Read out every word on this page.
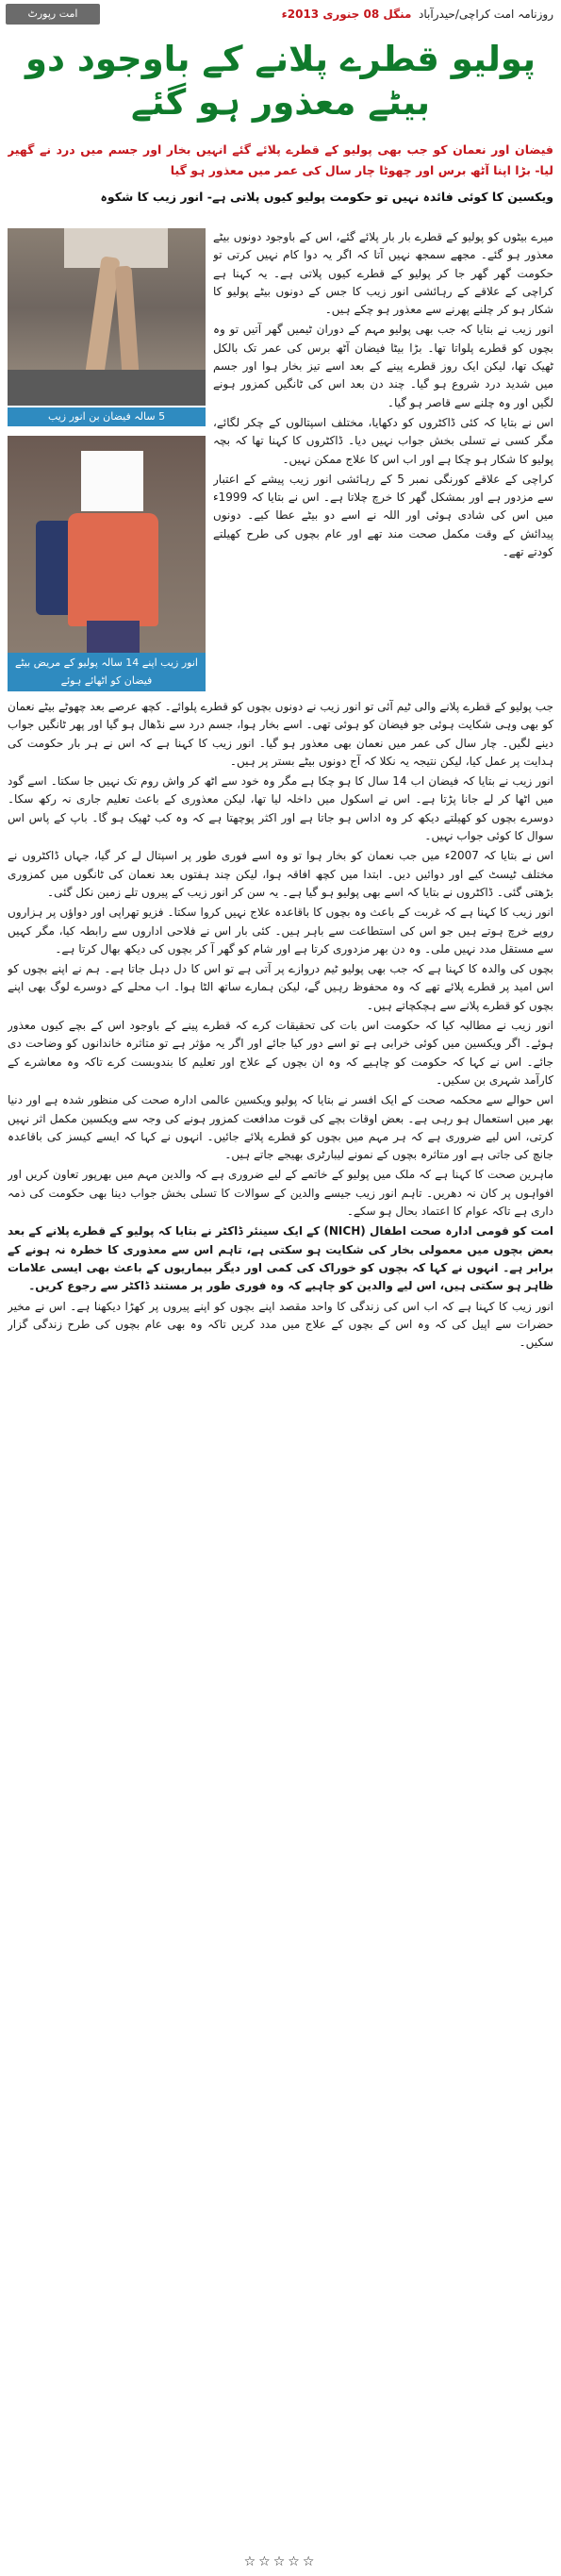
امت رپورٹ	روزنامہ امت کراچی/حیدرآباد  منگل 08 جنوری 2013ء
پولیو قطرے پلانے کے باوجود دو بیٹے معذور ہو گئے
فیضان اور نعمان کو جب بھی پولیو کے قطرے پلائے گئے انہیں بخار اور جسم میں درد نے گھیر لیا- بڑا اپنا آٹھ برس اور چھوٹا چار سال کی عمر میں معذور ہو گیا
ویکسین کا کوئی فائدہ نہیں تو حکومت پولیو کیوں پلاتی ہے- انور زیب کا شکوہ
5 سالہ فیضان بن انور زیب
انور زیب اپنے 14 سالہ پولیو کے مریض بیٹے فیضان کو اٹھائے ہوئے

میرے بیٹوں کو پولیو کے قطرے بار بار پلائے گئے، اس کے باوجود دونوں بیٹے معذور ہو گئے۔ مجھے سمجھ نہیں آتا کہ اگر یہ دوا کام نہیں کرتی تو حکومت گھر گھر جا کر پولیو کے قطرے کیوں پلاتی ہے۔ یہ کہنا ہے کراچی کے علاقے کے رہائشی انور زیب کا جس کے دونوں بیٹے پولیو کا شکار ہو کر چلنے پھرنے سے معذور ہو چکے ہیں۔

انور زیب نے بتایا کہ جب بھی پولیو مہم کے دوران ٹیمیں گھر آتیں تو وہ بچوں کو قطرے پلواتا تھا۔ بڑا بیٹا فیضان آٹھ برس کی عمر تک بالکل ٹھیک تھا، لیکن ایک روز قطرے پینے کے بعد اسے تیز بخار ہوا اور جسم میں شدید درد شروع ہو گیا۔ چند دن بعد اس کی ٹانگیں کمزور ہونے لگیں اور وہ چلنے سے قاصر ہو گیا۔

اس نے بتایا کہ کئی ڈاکٹروں کو دکھایا، مختلف اسپتالوں کے چکر لگائے، مگر کسی نے تسلی بخش جواب نہیں دیا۔ ڈاکٹروں کا کہنا تھا کہ بچہ پولیو کا شکار ہو چکا ہے اور اب اس کا علاج ممکن نہیں۔

کراچی کے علاقے کورنگی نمبر 5 کے رہائشی انور زیب پیشے کے اعتبار سے مزدور ہے اور بمشکل گھر کا خرچ چلاتا ہے۔ اس نے بتایا کہ 1999ء میں اس کی شادی ہوئی اور اللہ نے اسے دو بیٹے عطا کیے۔ دونوں پیدائش کے وقت مکمل صحت مند تھے اور عام بچوں کی طرح کھیلتے کودتے تھے۔

جب پولیو کے قطرے پلانے والی ٹیم آئی تو انور زیب نے دونوں بچوں کو قطرے پلوائے۔ کچھ عرصے بعد چھوٹے بیٹے نعمان کو بھی وہی شکایت ہوئی جو فیضان کو ہوئی تھی۔ اسے بخار ہوا، جسم درد سے نڈھال ہو گیا اور پھر ٹانگیں جواب دینے لگیں۔ چار سال کی عمر میں نعمان بھی معذور ہو گیا۔ انور زیب کا کہنا ہے کہ اس نے ہر بار حکومت کی ہدایت پر عمل کیا، لیکن نتیجہ یہ نکلا کہ آج دونوں بیٹے بستر پر ہیں۔

انور زیب نے بتایا کہ فیضان اب 14 سال کا ہو چکا ہے مگر وہ خود سے اٹھ کر واش روم تک نہیں جا سکتا۔ اسے گود میں اٹھا کر لے جانا پڑتا ہے۔ اس نے اسکول میں داخلہ لیا تھا، لیکن معذوری کے باعث تعلیم جاری نہ رکھ سکا۔ دوسرے بچوں کو کھیلتے دیکھ کر وہ اداس ہو جاتا ہے اور اکثر پوچھتا ہے کہ وہ کب ٹھیک ہو گا۔ باپ کے پاس اس سوال کا کوئی جواب نہیں۔

اس نے بتایا کہ 2007ء میں جب نعمان کو بخار ہوا تو وہ اسے فوری طور پر اسپتال لے کر گیا، جہاں ڈاکٹروں نے مختلف ٹیسٹ کیے اور دوائیں دیں۔ ابتدا میں کچھ افاقہ ہوا، لیکن چند ہفتوں بعد نعمان کی ٹانگوں میں کمزوری بڑھتی گئی۔ ڈاکٹروں نے بتایا کہ اسے بھی پولیو ہو گیا ہے۔ یہ سن کر انور زیب کے پیروں تلے زمین نکل گئی۔

انور زیب کا کہنا ہے کہ غربت کے باعث وہ بچوں کا باقاعدہ علاج نہیں کروا سکتا۔ فزیو تھراپی اور دواؤں پر ہزاروں روپے خرچ ہوتے ہیں جو اس کی استطاعت سے باہر ہیں۔ کئی بار اس نے فلاحی اداروں سے رابطہ کیا، مگر کہیں سے مستقل مدد نہیں ملی۔ وہ دن بھر مزدوری کرتا ہے اور شام کو گھر آ کر بچوں کی دیکھ بھال کرتا ہے۔

بچوں کی والدہ کا کہنا ہے کہ جب بھی پولیو ٹیم دروازے پر آتی ہے تو اس کا دل دہل جاتا ہے۔ ہم نے اپنے بچوں کو اس امید پر قطرے پلائے تھے کہ وہ محفوظ رہیں گے، لیکن ہمارے ساتھ الٹا ہوا۔ اب محلے کے دوسرے لوگ بھی اپنے بچوں کو قطرے پلانے سے ہچکچاتے ہیں۔

انور زیب نے مطالبہ کیا کہ حکومت اس بات کی تحقیقات کرے کہ قطرے پینے کے باوجود اس کے بچے کیوں معذور ہوئے۔ اگر ویکسین میں کوئی خرابی ہے تو اسے دور کیا جائے اور اگر یہ مؤثر ہے تو متاثرہ خاندانوں کو وضاحت دی جائے۔ اس نے کہا کہ حکومت کو چاہیے کہ وہ ان بچوں کے علاج اور تعلیم کا بندوبست کرے تاکہ وہ معاشرے کے کارآمد شہری بن سکیں۔

اس حوالے سے محکمہ صحت کے ایک افسر نے بتایا کہ پولیو ویکسین عالمی ادارہ صحت کی منظور شدہ ہے اور دنیا بھر میں استعمال ہو رہی ہے۔ بعض اوقات بچے کی قوت مدافعت کمزور ہونے کی وجہ سے ویکسین مکمل اثر نہیں کرتی، اس لیے ضروری ہے کہ ہر مہم میں بچوں کو قطرے پلائے جائیں۔ انہوں نے کہا کہ ایسے کیسز کی باقاعدہ جانچ کی جاتی ہے اور متاثرہ بچوں کے نمونے لیبارٹری بھیجے جاتے ہیں۔

ماہرین صحت کا کہنا ہے کہ ملک میں پولیو کے خاتمے کے لیے ضروری ہے کہ والدین مہم میں بھرپور تعاون کریں اور افواہوں پر کان نہ دھریں۔ تاہم انور زیب جیسے والدین کے سوالات کا تسلی بخش جواب دینا بھی حکومت کی ذمہ داری ہے تاکہ عوام کا اعتماد بحال ہو سکے۔

امت کو قومی ادارہ صحت اطفال (NICH) کے ایک سینئر ڈاکٹر نے بتایا کہ پولیو کے قطرے پلانے کے بعد بعض بچوں میں معمولی بخار کی شکایت ہو سکتی ہے، تاہم اس سے معذوری کا خطرہ نہ ہونے کے برابر ہے۔ انہوں نے کہا کہ بچوں کو خوراک کی کمی اور دیگر بیماریوں کے باعث بھی ایسی علامات ظاہر ہو سکتی ہیں، اس لیے والدین کو چاہیے کہ وہ فوری طور پر مستند ڈاکٹر سے رجوع کریں۔

انور زیب کا کہنا ہے کہ اب اس کی زندگی کا واحد مقصد اپنے بچوں کو اپنے پیروں پر کھڑا دیکھنا ہے۔ اس نے مخیر حضرات سے اپیل کی کہ وہ اس کے بچوں کے علاج میں مدد کریں تاکہ وہ بھی عام بچوں کی طرح زندگی گزار سکیں۔

☆☆☆☆☆
